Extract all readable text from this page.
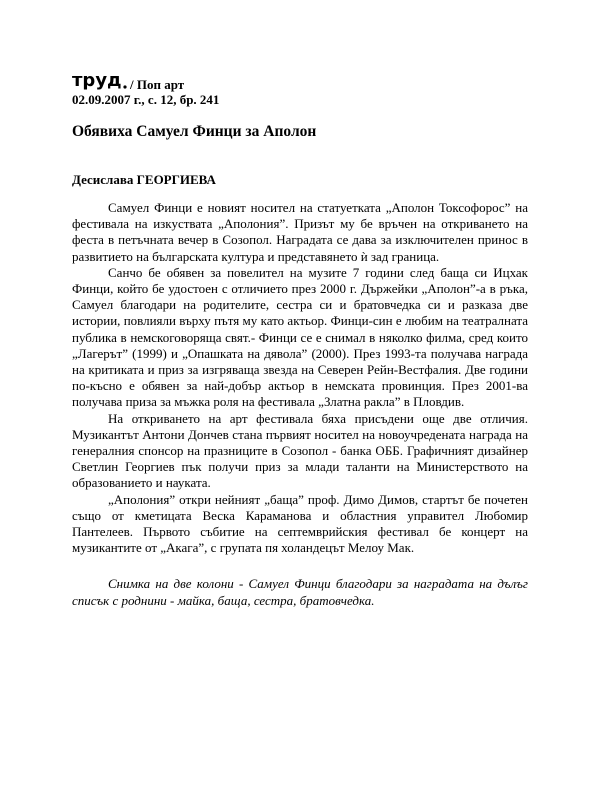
труд / Поп арт
02.09.2007 г., с. 12, бр. 241
Обявиха Самуел Финци за Аполон
Десислава ГЕОРГИЕВА

Самуел Финци е новият носител на статуетката „Аполон Токсофорос” на фестивала на изкуствата „Аполония”. Призът му бе връчен на откриването на феста в петъчната вечер в Созопол. Наградата се дава за изключителен принос в развитието на българската култура и представянето ѝ зад граница.

Санчо бе обявен за повелител на музите 7 години след баща си Ицхак Финци, който бе удостоен с отличието през 2000 г. Държейки „Аполон”-а в ръка, Самуел благодари на родителите, сестра си и братовчедка си и разказа две истории, повлияли върху пътя му като актьор. Финци-син е любим на театралната публика в немскоговоряща свят.- Финци се е снимал в няколко филма, сред които „Лагерът” (1999) и „Опашката на дявола” (2000). През 1993-та получава награда на критиката и приз за изгряваща звезда на Северен Рейн-Вестфалия. Две години по-късно е обявен за най-добър актьор в немската провинция. През 2001-ва получава приза за мъжка роля на фестивала „Златна ракла” в Пловдив.

На откриването на арт фестивала бяха присъдени още две отличия. Музикантът Антони Дончев стана първият носител на новоучредената награда на генералния спонсор на празниците в Созопол - банка ОББ. Графичният дизайнер Светлин Георгиев пък получи приз за млади таланти на Министерството на образованието и науката.

„Аполония” откри нейният „баща” проф. Димо Димов, стартът бе почетен също от кметицата Веска Караманова и областния управител Любомир Пантелеев. Първото събитие на септемврийския фестивал бе концерт на музикантите от „Акага”, с групата пя холандецът Мелоу Мак.

Снимка на две колони - Самуел Финци благодари за наградата на дълъг списък с роднини - майка, баща, сестра, братовчедка.
